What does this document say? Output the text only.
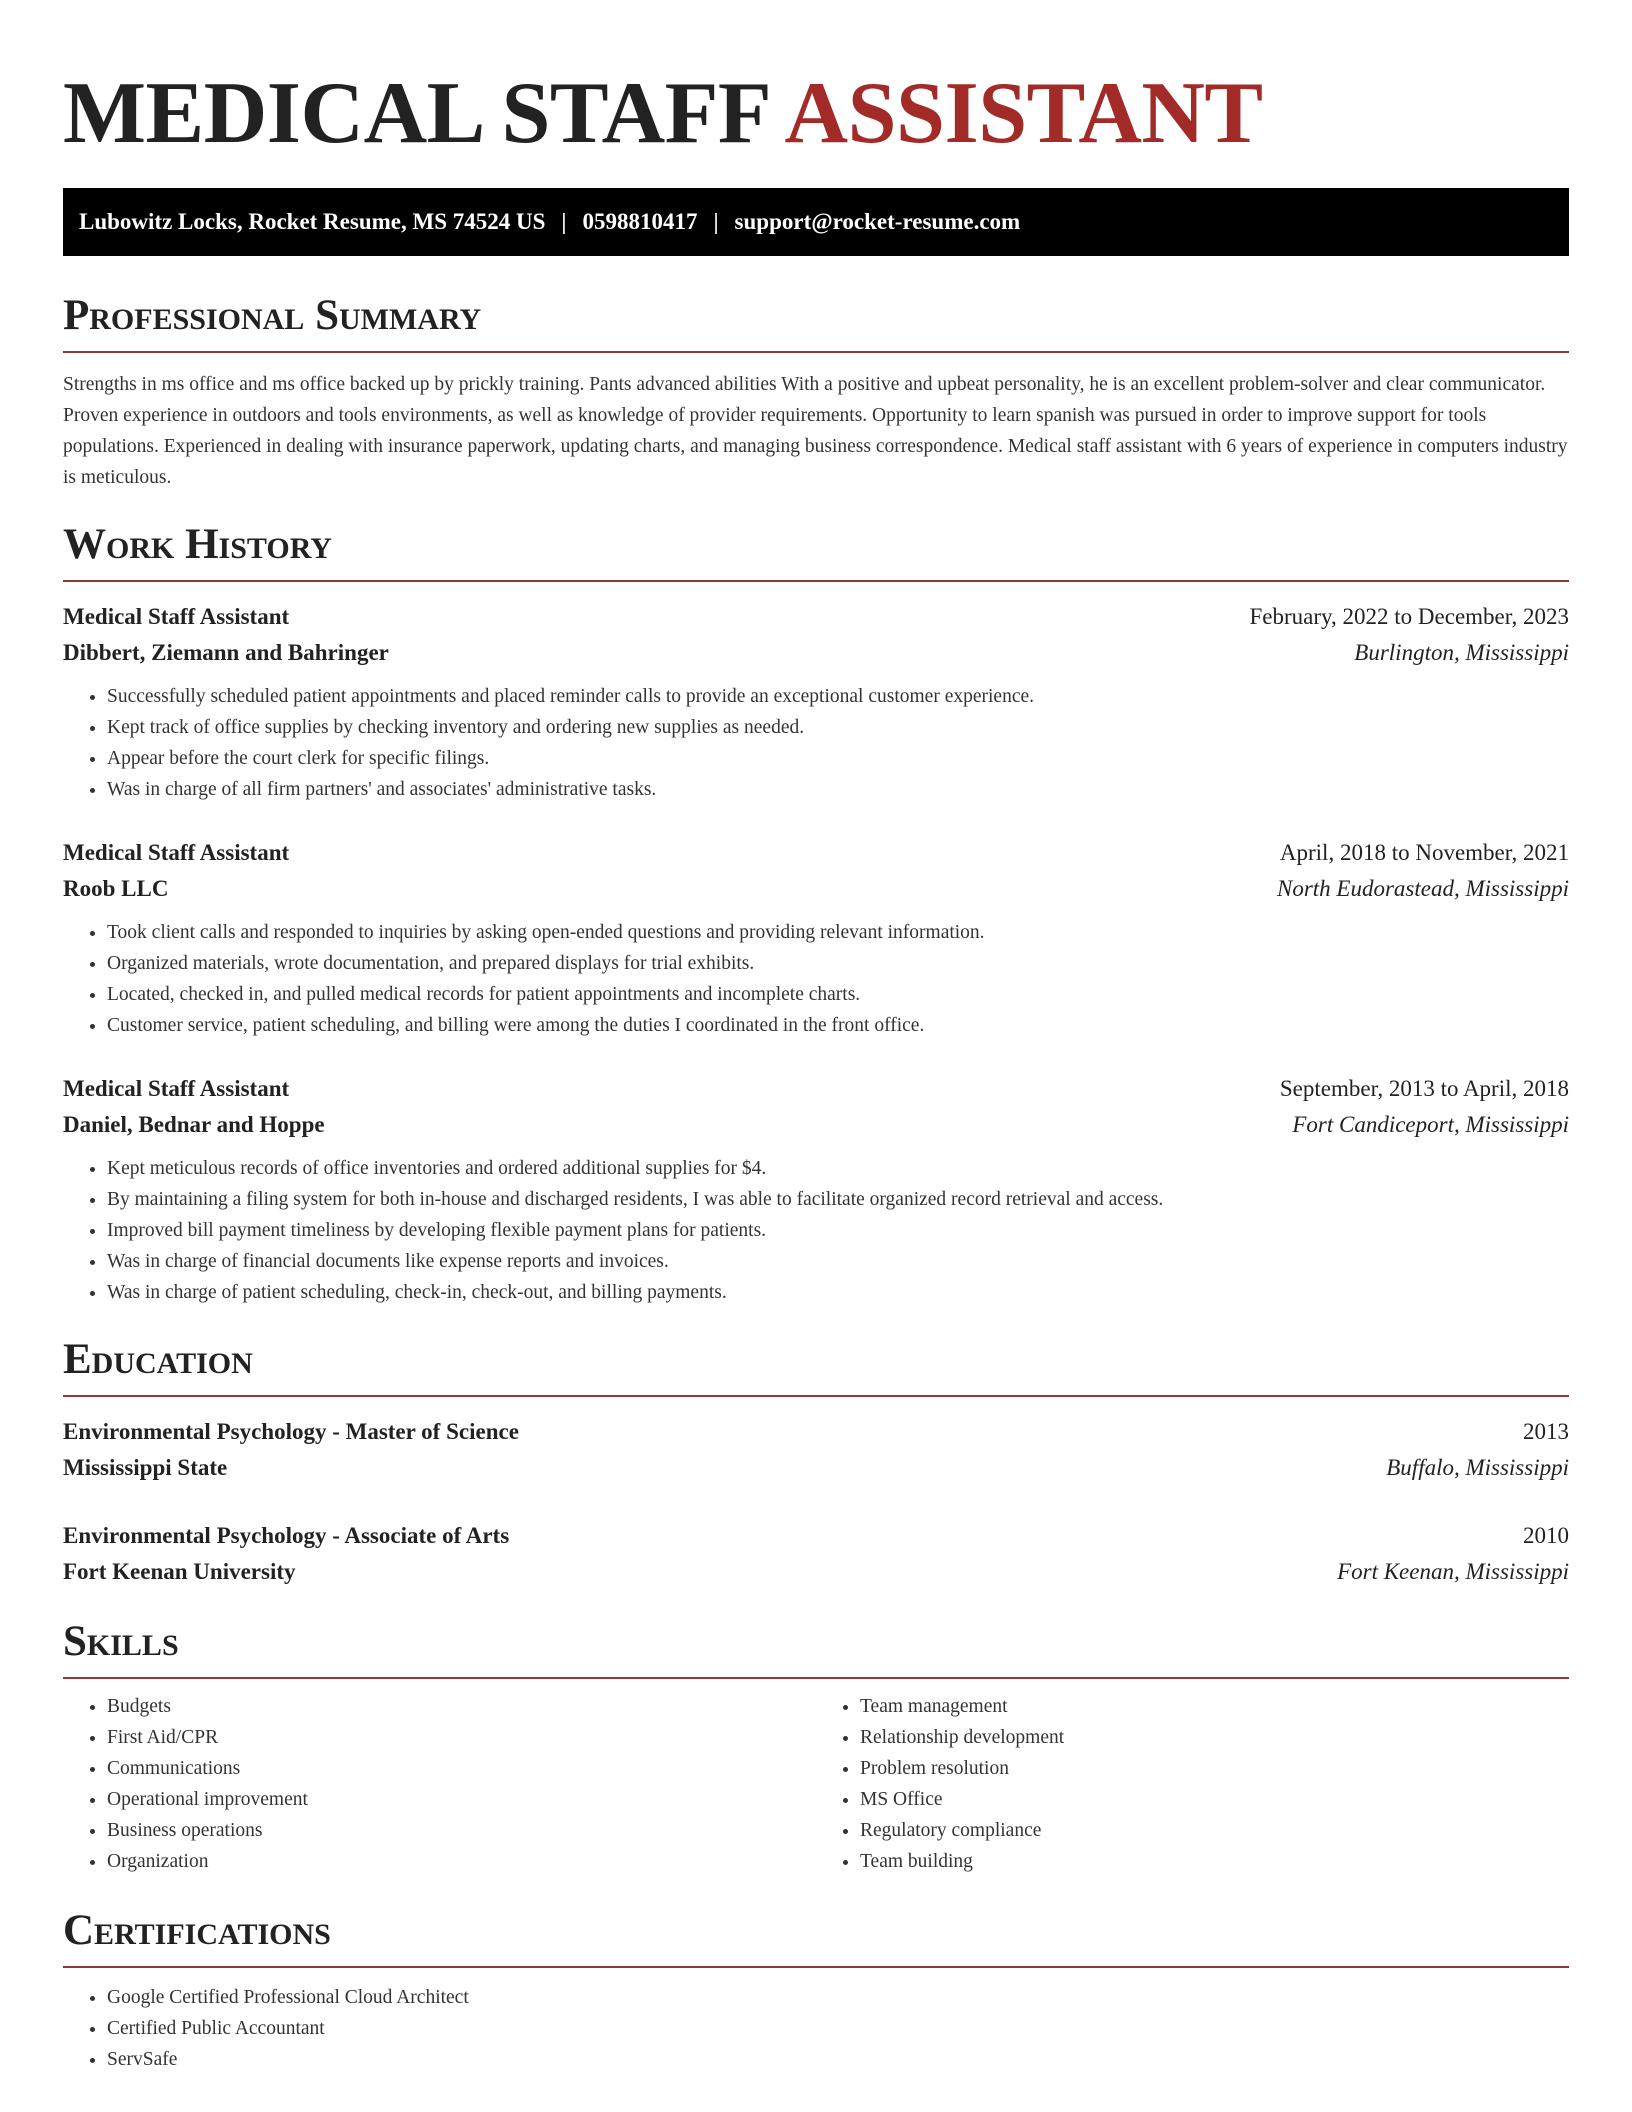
MEDICAL STAFF ASSISTANT
Lubowitz Locks, Rocket Resume, MS 74524 US | 0598810417 | support@rocket-resume.com
Professional Summary

Strengths in ms office and ms office backed up by prickly training. Pants advanced abilities With a positive and upbeat personality, he is an excellent problem-solver and clear communicator. Proven experience in outdoors and tools environments, as well as knowledge of provider requirements. Opportunity to learn spanish was pursued in order to improve support for tools populations. Experienced in dealing with insurance paperwork, updating charts, and managing business correspondence. Medical staff assistant with 6 years of experience in computers industry is meticulous.

Work History
Medical Staff Assistant	February, 2022 to December, 2023
Dibbert, Ziemann and Bahringer	Burlington, Mississippi
• Successfully scheduled patient appointments and placed reminder calls to provide an exceptional customer experience.
• Kept track of office supplies by checking inventory and ordering new supplies as needed.
• Appear before the court clerk for specific filings.
• Was in charge of all firm partners' and associates' administrative tasks.
Medical Staff Assistant	April, 2018 to November, 2021
Roob LLC	North Eudorastead, Mississippi
• Took client calls and responded to inquiries by asking open-ended questions and providing relevant information.
• Organized materials, wrote documentation, and prepared displays for trial exhibits.
• Located, checked in, and pulled medical records for patient appointments and incomplete charts.
• Customer service, patient scheduling, and billing were among the duties I coordinated in the front office.
Medical Staff Assistant	September, 2013 to April, 2018
Daniel, Bednar and Hoppe	Fort Candiceport, Mississippi
• Kept meticulous records of office inventories and ordered additional supplies for $4.
• By maintaining a filing system for both in-house and discharged residents, I was able to facilitate organized record retrieval and access.
• Improved bill payment timeliness by developing flexible payment plans for patients.
• Was in charge of financial documents like expense reports and invoices.
• Was in charge of patient scheduling, check-in, check-out, and billing payments.
Education
Environmental Psychology - Master of Science	2013
Mississippi State	Buffalo, Mississippi
Environmental Psychology - Associate of Arts	2010
Fort Keenan University	Fort Keenan, Mississippi
Skills
• Budgets
• First Aid/CPR
• Communications
• Operational improvement
• Business operations
• Organization
• Team management
• Relationship development
• Problem resolution
• MS Office
• Regulatory compliance
• Team building
Certifications
• Google Certified Professional Cloud Architect
• Certified Public Accountant
• ServSafe
